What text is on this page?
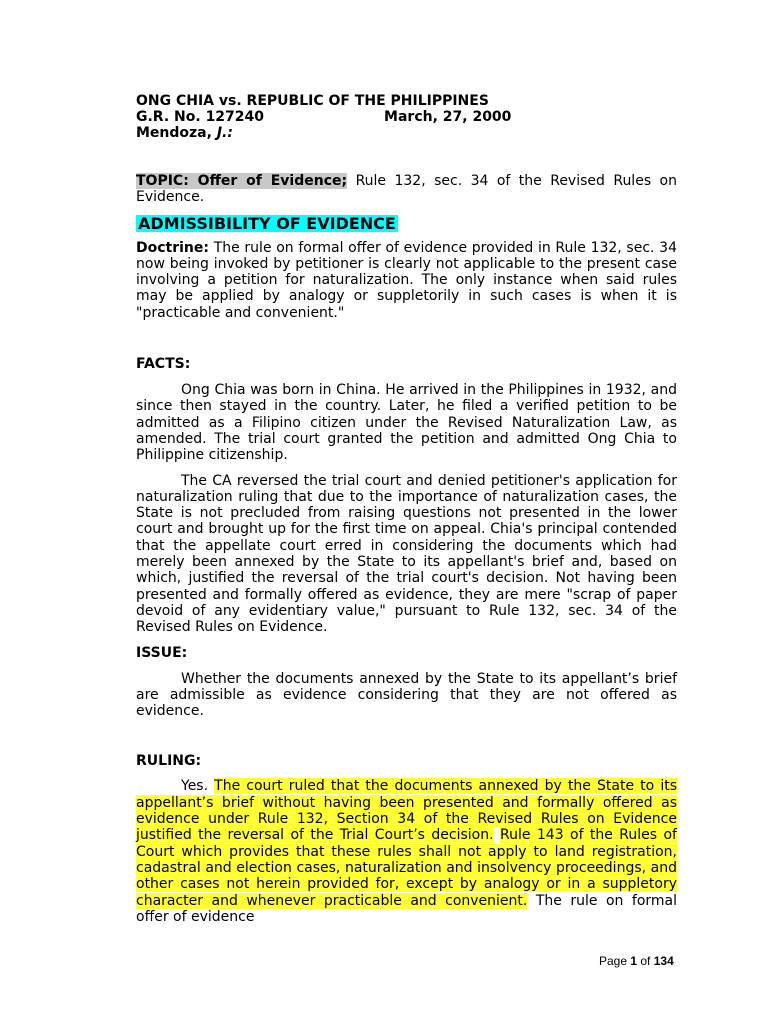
ONG CHIA vs. REPUBLIC OF THE PHILIPPINES
G.R. No. 127240	March, 27, 2000
Mendoza, J.:

TOPIC: Offer of Evidence; Rule 132, sec. 34 of the Revised Rules on Evidence.

ADMISSIBILITY OF EVIDENCE

Doctrine: The rule on formal offer of evidence provided in Rule 132, sec. 34 now being invoked by petitioner is clearly not applicable to the present case involving a petition for naturalization. The only instance when said rules may be applied by analogy or suppletorily in such cases is when it is "practicable and convenient."

FACTS:

Ong Chia was born in China. He arrived in the Philippines in 1932, and since then stayed in the country. Later, he filed a verified petition to be admitted as a Filipino citizen under the Revised Naturalization Law, as amended. The trial court granted the petition and admitted Ong Chia to Philippine citizenship.

The CA reversed the trial court and denied petitioner's application for naturalization ruling that due to the importance of naturalization cases, the State is not precluded from raising questions not presented in the lower court and brought up for the first time on appeal. Chia's principal contended that the appellate court erred in considering the documents which had merely been annexed by the State to its appellant's brief and, based on which, justified the reversal of the trial court's decision. Not having been presented and formally offered as evidence, they are mere "scrap of paper devoid of any evidentiary value," pursuant to Rule 132, sec. 34 of the Revised Rules on Evidence.

ISSUE:

Whether the documents annexed by the State to its appellant’s brief are admissible as evidence considering that they are not offered as evidence.

RULING:

Yes. The court ruled that the documents annexed by the State to its appellant’s brief without having been presented and formally offered as evidence under Rule 132, Section 34 of the Revised Rules on Evidence justified the reversal of the Trial Court’s decision. Rule 143 of the Rules of Court which provides that these rules shall not apply to land registration, cadastral and election cases, naturalization and insolvency proceedings, and other cases not herein provided for, except by analogy or in a suppletory character and whenever practicable and convenient. The rule on formal offer of evidence

Page 1 of 134
